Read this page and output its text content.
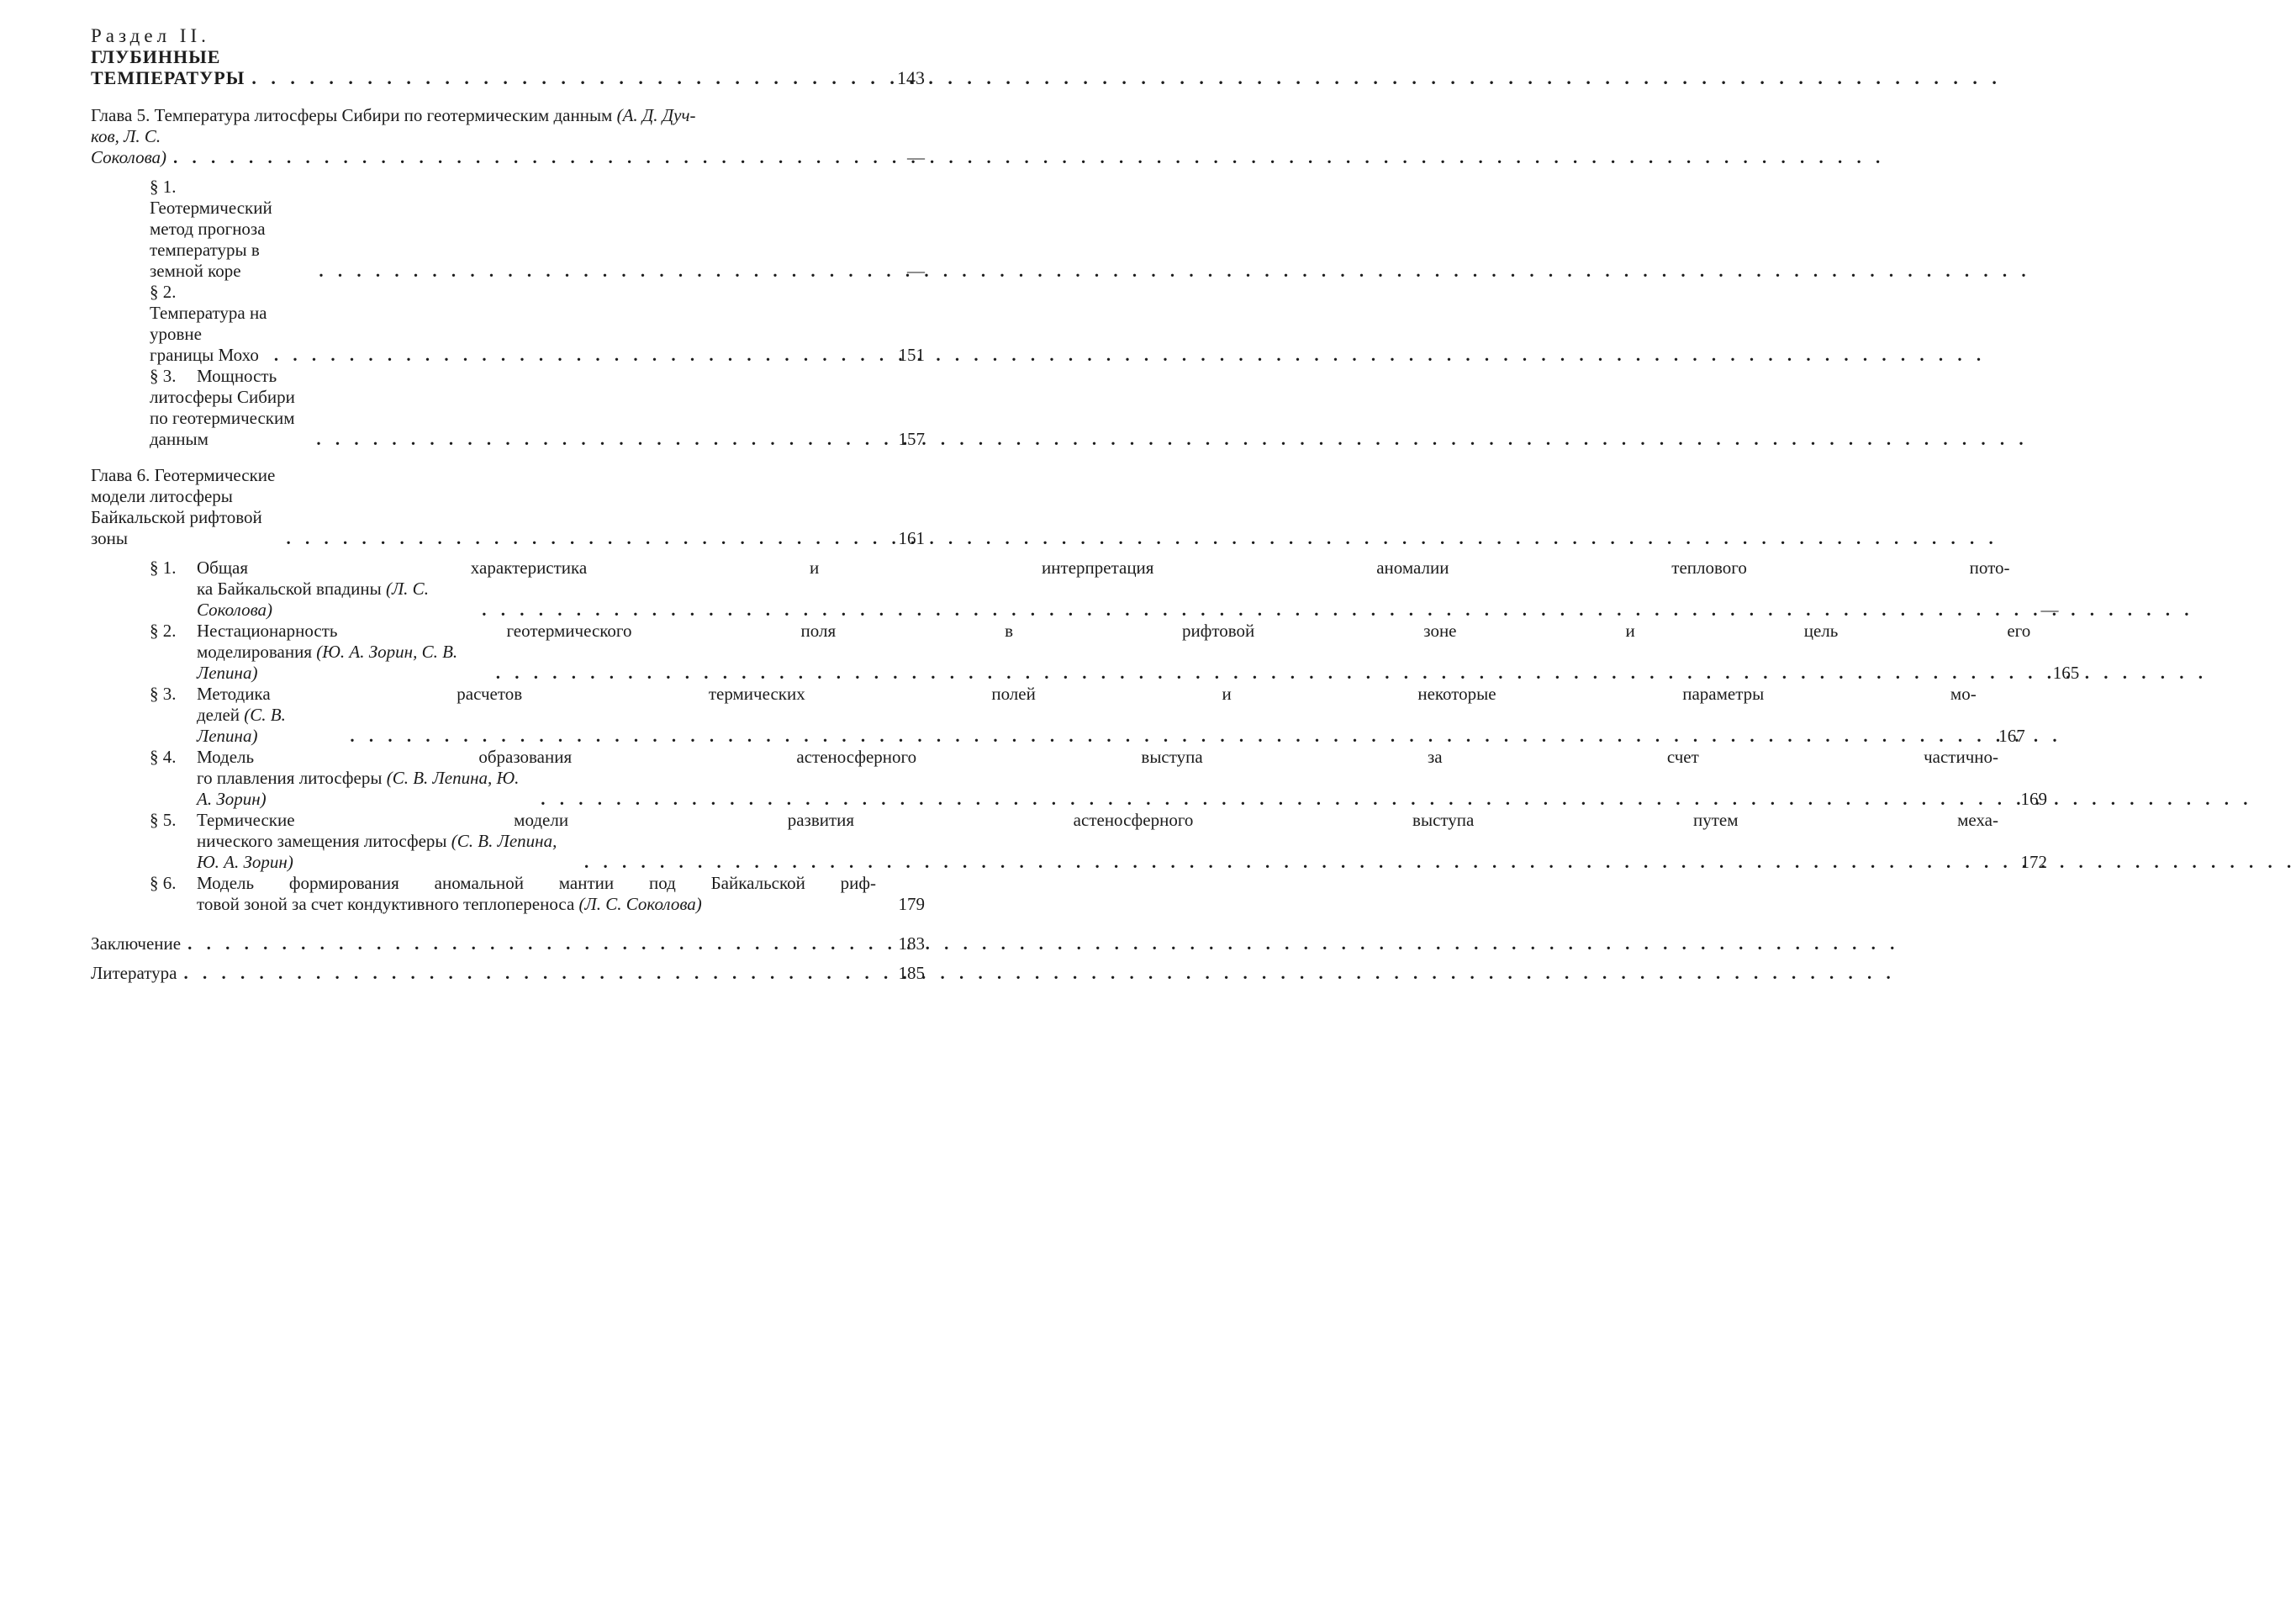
Раздел II. ГЛУБИННЫЕ ТЕМПЕРАТУРЫ . . .	143
Глава 5. Температура литосферы Сибири по геотермическим данным (А. Д. Дуч-
ков, Л. С. Соколова) . . .	—
§ 1.Геотермический метод прогноза температуры в земной коре . . .	—
§ 2.Температура на уровне границы Мохо . . .	151
§ 3. Мощность литосферы Сибири по геотермическим данным . . .	157
Глава 6. Геотермические модели литосферы Байкальской рифтовой зоны . . .	161
§ 1.	Общая характеристика и интерпретация аномалии теплового пото-
ка Байкальской впадины (Л. С. Соколова) . . .	—
§ 2.	Нестационарность геотермического поля в рифтовой зоне и цель его
моделирования (Ю. А. Зорин, С. В. Лепина) . . .	165
§ 3.	Методика расчетов термических полей и некоторые параметры мо-
делей (С. В. Лепина) . . .	167
§ 4.	Модель образования астеносферного выступа за счет частично-
го плавления литосферы (С. В. Лепина, Ю. А. Зорин) . . .	169
§ 5.	Термические модели развития астеносферного выступа путем меха-
нического замещения литосферы (С. В. Лепина, Ю. А. Зорин) . . .	172
§ 6.	Модель формирования аномальной мантии под Байкальской риф-
товой зоной за счет кондуктивного теплопереноса (Л. С. Соколова)	179
Заключение . . .	183
Литература . . .	185
